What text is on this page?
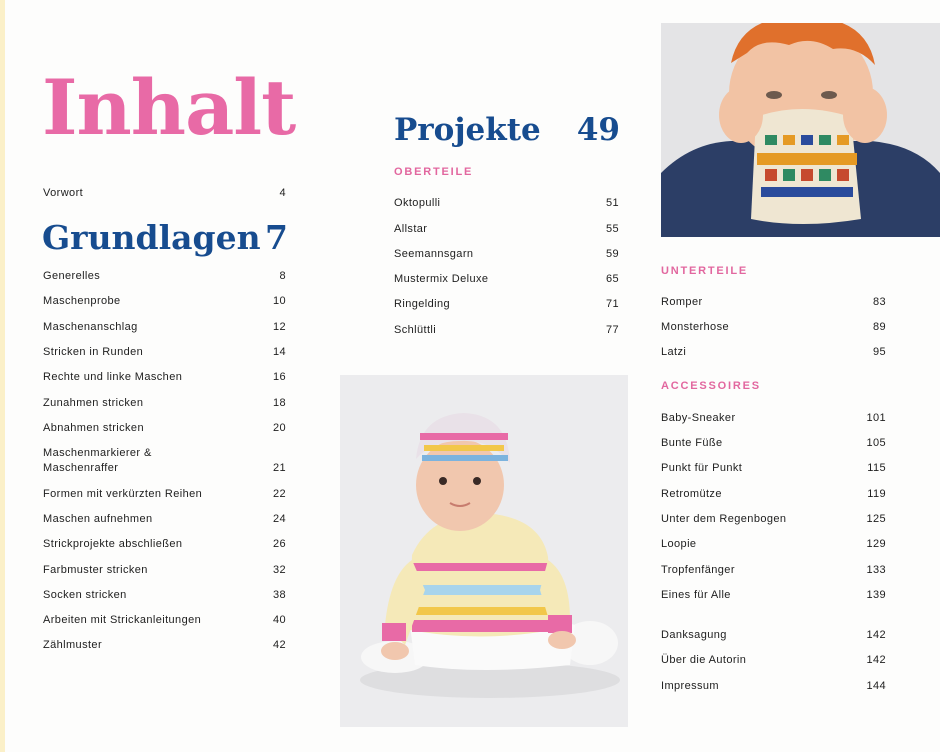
Inhalt
Vorwort	4
Grundlagen 7
Projekte 49
OBERTEILE
UNTERTEILE
ACCESSOIRES
Generelles	8
Maschenprobe	10
Maschenanschlag	12
Stricken in Runden	14
Rechte und linke Maschen	16
Zunahmen stricken	18
Abnahmen stricken	20
Maschenmarkierer &
Maschenraffer	21
Formen mit verkürzten Reihen	22
Maschen aufnehmen	24
Strickprojekte abschließen	26
Farbmuster stricken	32
Socken stricken	38
Arbeiten mit Strickanleitungen	40
Zählmuster	42
Oktopulli	51
Allstar	55
Seemannsgarn	59
Mustermix Deluxe	65
Ringelding	71
Schlüttli	77
Romper	83
Monsterhose	89
Latzi	95
Baby-Sneaker	101
Bunte Füße	105
Punkt für Punkt	115
Retromütze	119
Unter dem Regenbogen	125
Loopie	129
Tropfenfänger	133
Eines für Alle	139
Danksagung	142
Über die Autorin	142
Impressum	144
